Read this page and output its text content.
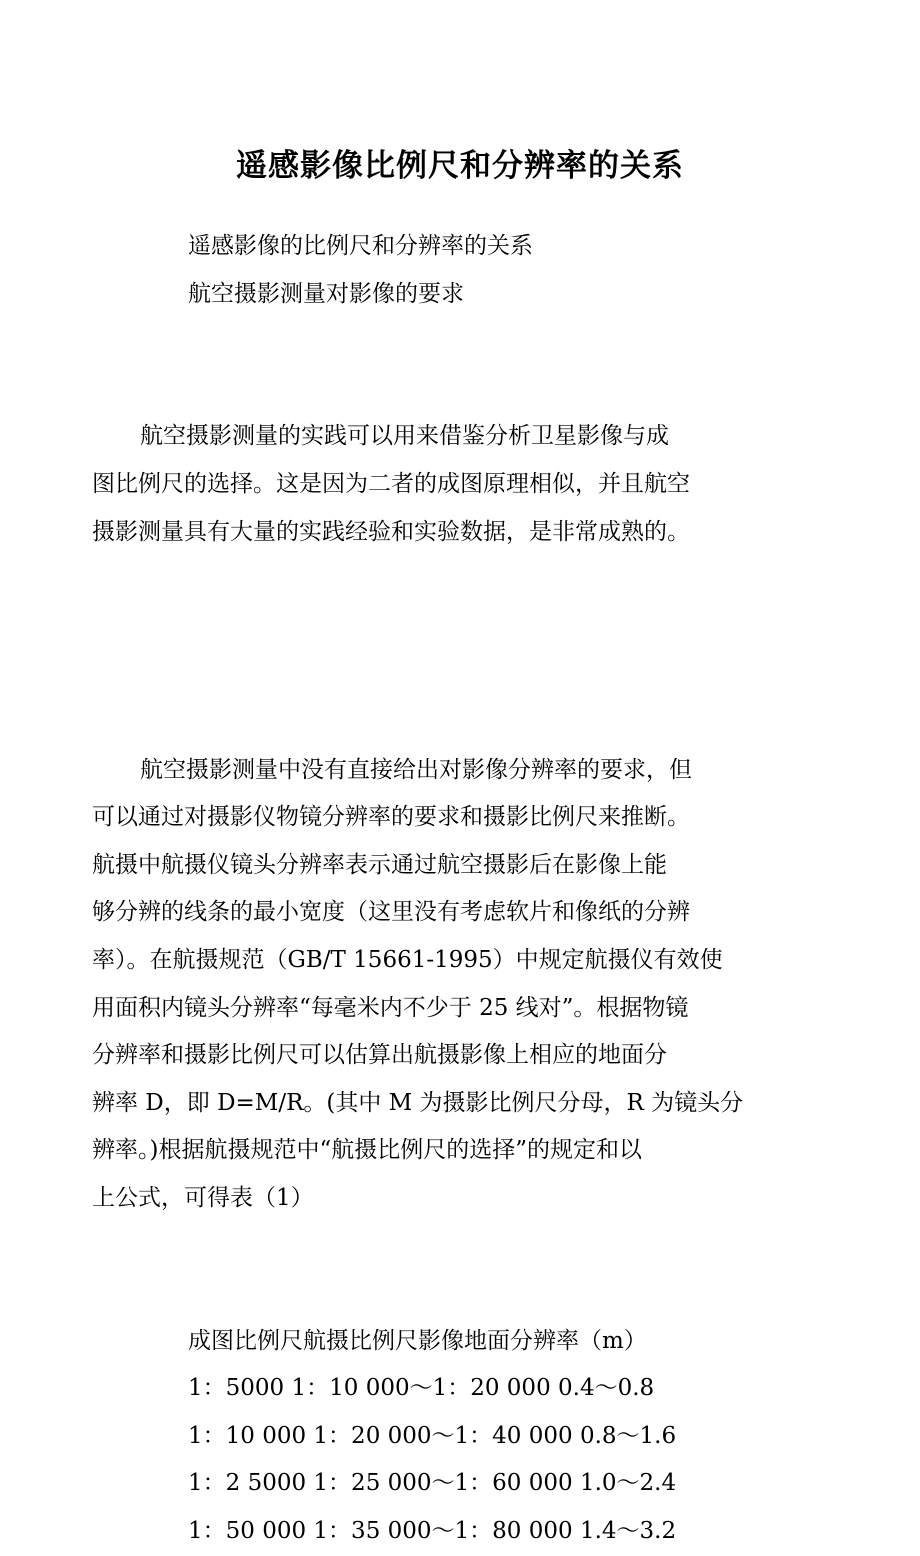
遥感影像比例尺和分辨率的关系

遥感影像的比例尺和分辨率的关系

航空摄影测量对影像的要求

航空摄影测量的实践可以用来借鉴分析卫星影像与成
图比例尺的选择。这是因为二者的成图原理相似，并且航空
摄影测量具有大量的实践经验和实验数据，是非常成熟的。

航空摄影测量中没有直接给出对影像分辨率的要求，但
可以通过对摄影仪物镜分辨率的要求和摄影比例尺来推断。
航摄中航摄仪镜头分辨率表示通过航空摄影后在影像上能
够分辨的线条的最小宽度（这里没有考虑软片和像纸的分辨
率）。在航摄规范（GB/T 15661-1995）中规定航摄仪有效使
用面积内镜头分辨率“每毫米内不少于 25 线对”。根据物镜
分辨率和摄影比例尺可以估算出航摄影像上相应的地面分
辨率 D，即 D=M/R。(其中 M 为摄影比例尺分母，R 为镜头分
辨率。)根据航摄规范中“航摄比例尺的选择”的规定和以
上公式，可得表（1）

成图比例尺航摄比例尺影像地面分辨率（m）

1：5000 1：10 000～1：20 000 0.4～0.8

1：10 000 1：20 000～1：40 000 0.8～1.6

1：2 5000 1：25 000～1：60 000 1.0～2.4

1：50 000 1：35 000～1：80 000 1.4～3.2
